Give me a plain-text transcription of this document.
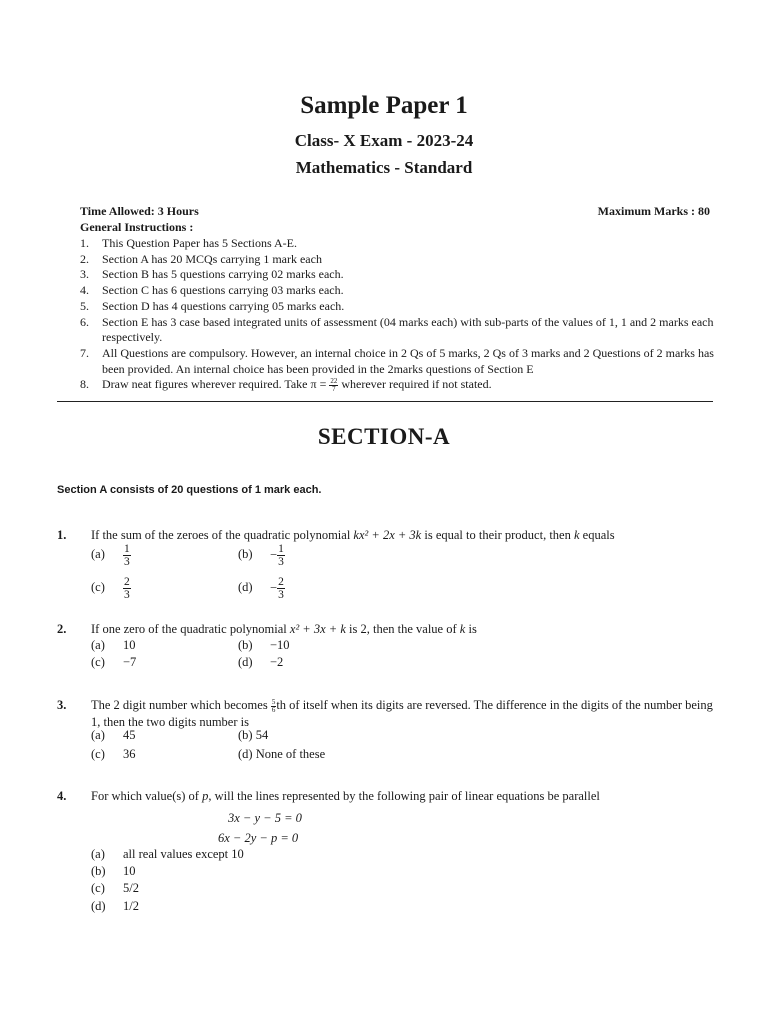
Sample Paper 1
Class- X Exam - 2023-24
Mathematics - Standard
Time Allowed: 3 Hours	Maximum Marks : 80
General Instructions :
1.	This Question Paper has 5 Sections A-E.
2.	Section A has 20 MCQs carrying 1 mark each
3.	Section B has 5 questions carrying 02 marks each.
4.	Section C has 6 questions carrying 03 marks each.
5.	Section D has 4 questions carrying 05 marks each.
6.	Section E has 3 case based integrated units of assessment (04 marks each) with sub-parts of the values of 1, 1 and 2 marks each respectively.
7.	All Questions are compulsory. However, an internal choice in 2 Qs of 5 marks, 2 Qs of 3 marks and 2 Questions of 2 marks has been provided. An internal choice has been provided in the 2marks questions of Section E
8.	Draw neat figures wherever required. Take $\pi = \frac{22}{7}$ wherever required if not stated.
SECTION-A
Section A consists of 20 questions of 1 mark each.
1. If the sum of the zeroes of the quadratic polynomial kx² + 2x + 3k is equal to their product, then k equals
$(a) \frac{1}{3}$	$(b) - \frac{1}{3}$
$(c) \frac{2}{3}$	$(d) - \frac{2}{3}$
2. If one zero of the quadratic polynomial x² + 3x + k is 2, then the value of k is
(a) 10	(b) −10
(c) −7	(d) −2
3. The 2 digit number which becomes $\frac{5}{6}$ th of itself when its digits are reversed. The difference in the digits of the number being 1, then the two digits number is
(a) 45	(b) 54
(c) 36	(d) None of these
4. For which value(s) of p, will the lines represented by the following pair of linear equations be parallel
3x − y − 5 = 0
6x − 2y − p = 0
(a) all real values except 10
(b) 10
(c) 5/2
(d) 1/2
